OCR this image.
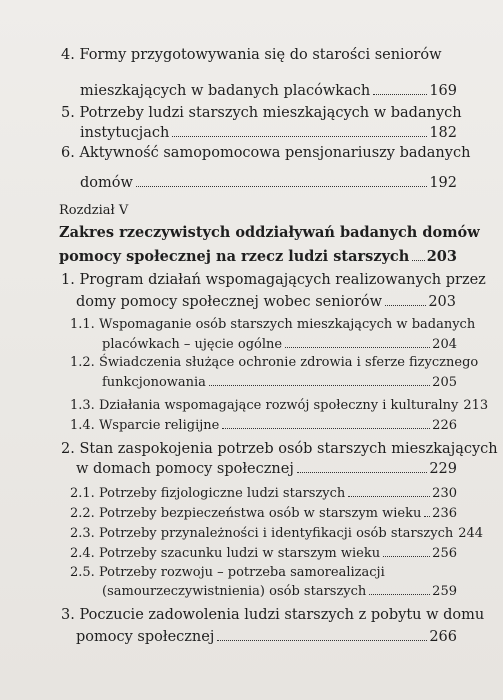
4. Formy przygotowywania się do starości seniorów
mieszkających w badanych placówkach	169
5. Potrzeby ludzi starszych mieszkających w badanych
instytucjach	182
6. Aktywność samopomocowa pensjonariuszy badanych
domów	192
Rozdział V
Zakres rzeczywistych oddziaływań badanych domów
pomocy społecznej na rzecz ludzi starszych 203
1. Program działań wspomagających realizowanych przez
domy pomocy społecznej wobec seniorów	203
1.1. Wspomaganie osób starszych mieszkających w badanych
placówkach – ujęcie ogólne	204
1.2. Świadczenia służące ochronie zdrowia i sferze fizycznego
funkcjonowania	205
1.3. Działania wspomagające rozwój społeczny i kulturalny 213
1.4. Wsparcie religijne	226
2. Stan zaspokojenia potrzeb osób starszych mieszkających
w domach pomocy społecznej	229
2.1. Potrzeby fizjologiczne ludzi starszych	230
2.2. Potrzeby bezpieczeństwa osób w starszym wieku 236
2.3. Potrzeby przynależności i identyfikacji osób starszych 244
2.4. Potrzeby szacunku ludzi w starszym wieku	256
2.5. Potrzeby rozwoju – potrzeba samorealizacji
(samourzeczywistnienia) osób starszych	259
3. Poczucie zadowolenia ludzi starszych z pobytu w domu
pomocy społecznej	266
